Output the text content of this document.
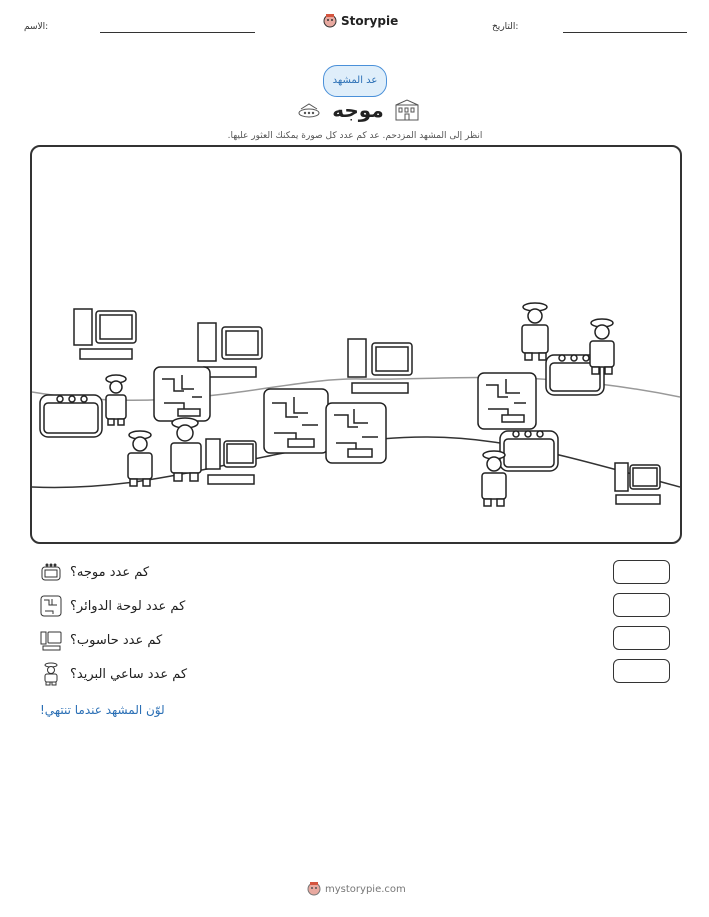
الاسم:	Storypie	التاريخ:
عد المشهد
موجه
انظر إلى المشهد المزدحم. عد كم عدد كل صورة يمكنك العثور عليها.
كم عدد موجه؟
كم عدد لوحة الدوائر؟
كم عدد حاسوب؟
كم عدد ساعي البريد؟
لوّن المشهد عندما تنتهي!
mystorypie.com
